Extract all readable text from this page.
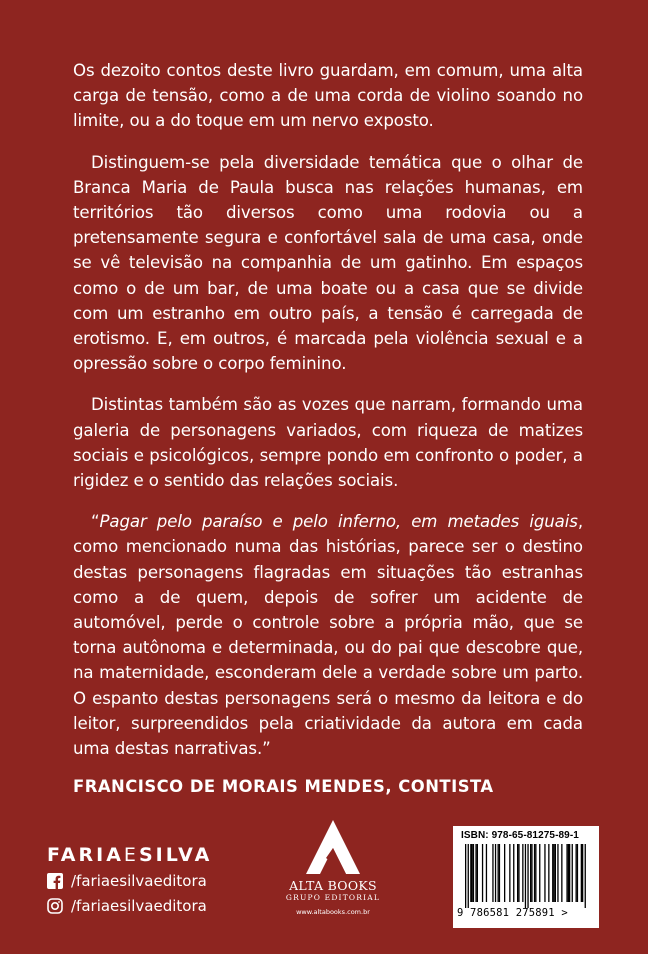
Os dezoito contos deste livro guardam, em comum, uma alta carga de tensão, como a de uma corda de violino soando no limite, ou a do toque em um nervo exposto.

Distinguem-se pela diversidade temática que o olhar de Branca Maria de Paula busca nas relações humanas, em territórios tão diversos como uma rodovia ou a pretensamente segura e confortável sala de uma casa, onde se vê televisão na companhia de um gatinho. Em espaços como o de um bar, de uma boate ou a casa que se divide com um estranho em outro país, a tensão é carregada de erotismo. E, em outros, é marcada pela violência sexual e a opressão sobre o corpo feminino.

Distintas também são as vozes que narram, formando uma galeria de personagens variados, com riqueza de matizes sociais e psicológicos, sempre pondo em confronto o poder, a rigidez e o sentido das relações sociais.

“Pagar pelo paraíso e pelo inferno, em metades iguais, como mencionado numa das histórias, parece ser o destino destas personagens flagradas em situações tão estranhas como a de quem, depois de sofrer um acidente de automóvel, perde o controle sobre a própria mão, que se torna autônoma e determinada, ou do pai que descobre que, na maternidade, esconderam dele a verdade sobre um parto. O espanto destas personagens será o mesmo da leitora e do leitor, surpreendidos pela criatividade da autora em cada uma destas narrativas.”

FRANCISCO DE MORAIS MENDES, CONTISTA

FARIAESILVA
/fariaesilvaeditora
/fariaesilvaeditora
ALTA BOOKS
GRUPO EDITORIAL
www.altabooks.com.br
ISBN: 978-65-81275-89-1
9 786581 275891 >
